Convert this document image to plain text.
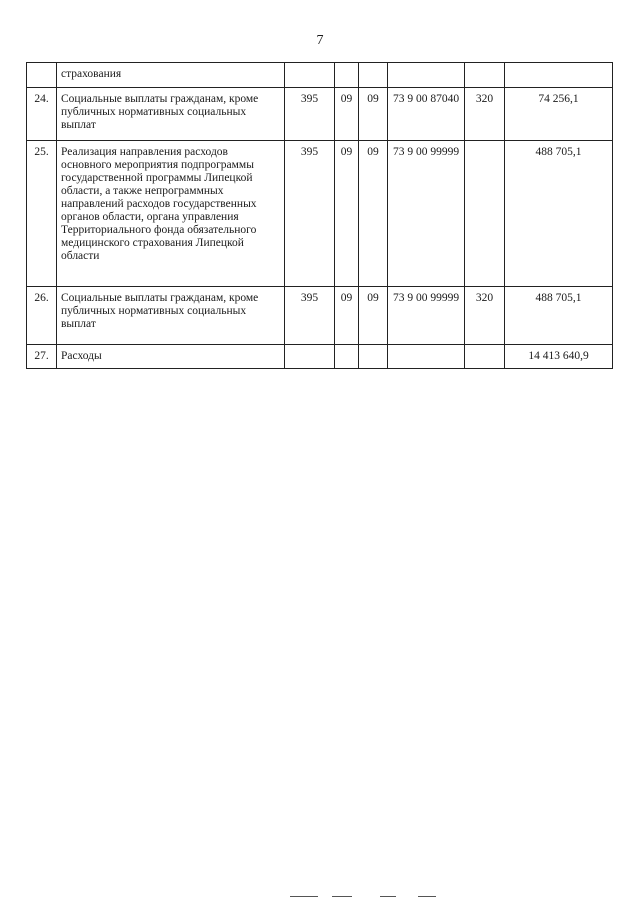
7
	страхования						
24.	Социальные выплаты гражданам, кроме публичных нормативных социальных выплат	395	09	09	73 9 00 87040	320	74 256,1
25.	Реализация направления расходов основного мероприятия подпрограммы государственной программы Липецкой области, а также непрограммных направлений расходов государственных органов области, органа управления Территориального фонда обязательного медицинского страхования Липецкой области	395	09	09	73 9 00 99999		488 705,1
26.	Социальные выплаты гражданам, кроме публичных нормативных социальных выплат	395	09	09	73 9 00 99999	320	488 705,1
27.	Расходы						14 413 640,9
